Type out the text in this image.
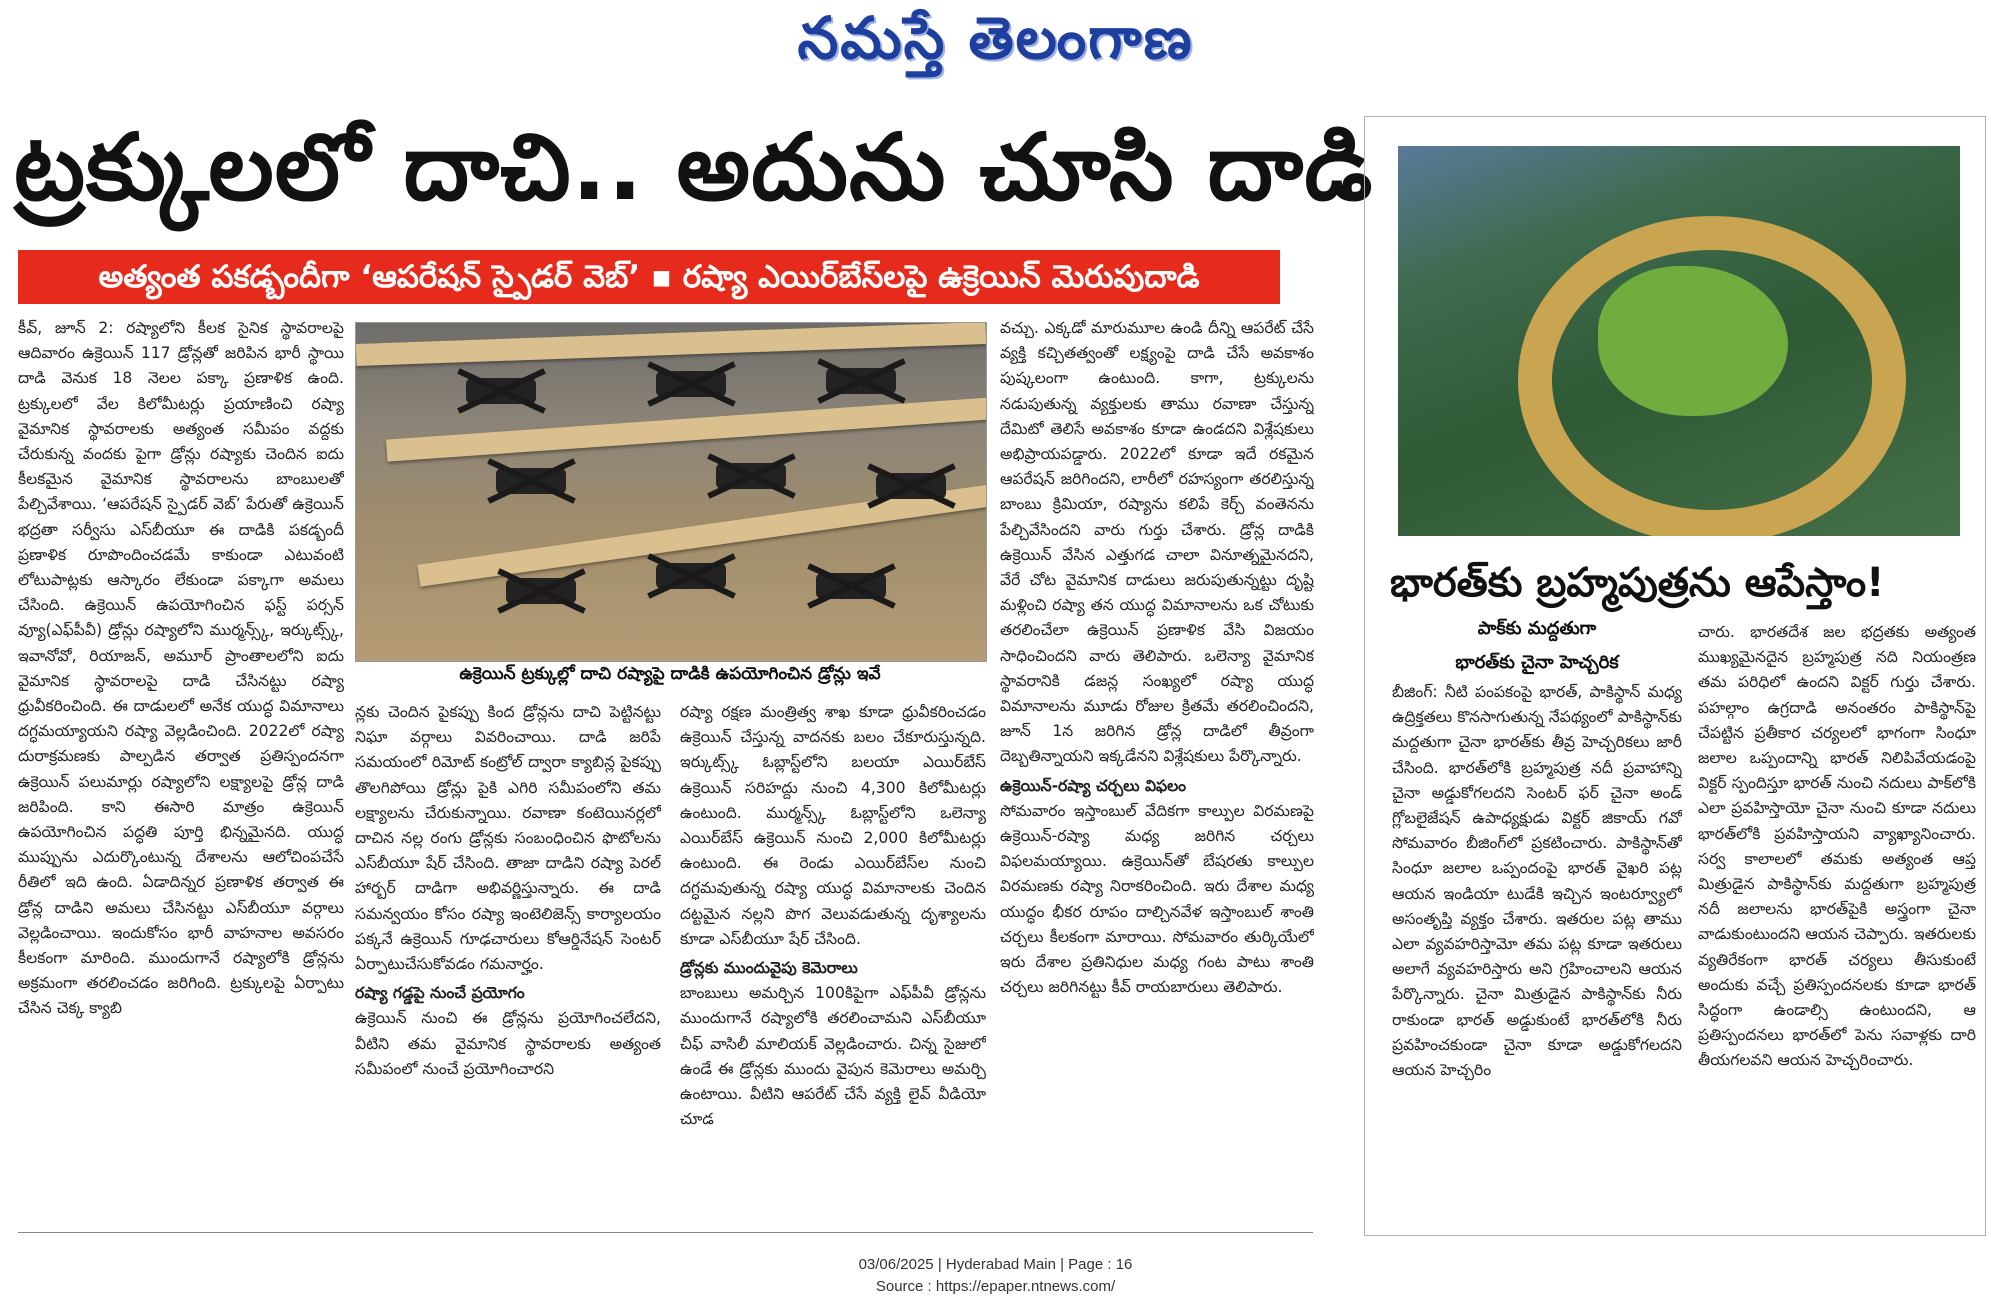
నమస్తే తెలంగాణ
ట్రక్కులలో దాచి.. అదును చూసి దాడి
అత్యంత పకడ్బందీగా ‘ఆపరేషన్ స్పైడర్ వెబ్’ ▪ రష్యా ఎయిర్‌బేస్‌లపై ఉక్రెయిన్ మెరుపుదాడి

కీవ్, జూన్ 2: రష్యాలోని కీలక సైనిక స్థావరాలపై ఆదివారం ఉక్రెయిన్ 117 డ్రోన్లతో జరిపిన భారీ స్థాయి దాడి వెనుక 18 నెలల పక్కా ప్రణాళిక ఉంది. ట్రక్కులలో వేల కిలోమీటర్లు ప్రయాణించి రష్యా వైమానిక స్థావరాలకు అత్యంత సమీపం వద్దకు చేరుకున్న వందకు పైగా డ్రోన్లు రష్యాకు చెందిన ఐదు కీలకమైన వైమానిక స్థావరాలను బాంబులతో పేల్చివేశాయి. ‘ఆపరేషన్ స్పైడర్ వెబ్’ పేరుతో ఉక్రెయిన్ భద్రతా సర్వీసు ఎస్‌బీయూ ఈ దాడికి పకడ్బందీ ప్రణాళిక రూపొందించడమే కాకుండా ఎటువంటి లోటుపాట్లకు ఆస్కారం లేకుండా పక్కాగా అమలు చేసింది. ఉక్రెయిన్ ఉపయోగించిన ఫస్ట్ పర్సన్ వ్యూ(ఎఫ్‌పీవీ) డ్రోన్లు రష్యాలోని ముర్మన్స్క్, ఇర్కుట్స్క్, ఇవానోవో, రియాజన్, అమూర్ ప్రాంతాలలోని ఐదు వైమానిక స్థావరాలపై దాడి చేసినట్టు రష్యా ధ్రువీకరించింది. ఈ దాడులలో అనేక యుద్ధ విమానాలు దగ్ధమయ్యాయని రష్యా వెల్లడించింది. 2022లో రష్యా దురాక్రమణకు పాల్పడిన తర్వాత ప్రతిస్పందనగా ఉక్రెయిన్ పలుమార్లు రష్యాలోని లక్ష్యాలపై డ్రోన్ల దాడి జరిపింది. కాని ఈసారి మాత్రం ఉక్రెయిన్ ఉపయోగించిన పద్ధతి పూర్తి భిన్నమైనది. యుద్ధ ముప్పును ఎదుర్కొంటున్న దేశాలను ఆలోచింపచేసే రీతిలో ఇది ఉంది. ఏడాదిన్నర ప్రణాళిక తర్వాత ఈ డ్రోన్ల దాడిని అమలు చేసినట్టు ఎస్‌బీయూ వర్గాలు వెల్లడించాయి. ఇందుకోసం భారీ వాహనాల అవసరం కీలకంగా మారింది. ముందుగానే రష్యాలోకి డ్రోన్లను అక్రమంగా తరలించడం జరిగింది. ట్రక్కులపై ఏర్పాటు చేసిన చెక్క క్యాబి

ఉక్రెయిన్ ట్రక్కుల్లో దాచి రష్యాపై దాడికి ఉపయోగించిన డ్రోన్లు ఇవే

న్లకు చెందిన పైకప్పు కింద డ్రోన్లను దాచి పెట్టినట్టు నిఘా వర్గాలు వివరించాయి. దాడి జరిపే సమయంలో రిమోట్ కంట్రోల్ ద్వారా క్యాబిన్ల పైకప్పు తొలగిపోయి డ్రోన్లు పైకి ఎగిరి సమీపంలోని తమ లక్ష్యాలను చేరుకున్నాయి. రవాణా కంటెయినర్లలో దాచిన నల్ల రంగు డ్రోన్లకు సంబంధించిన ఫొటోలను ఎస్‌బీయూ షేర్ చేసింది. తాజా దాడిని రష్యా పెరల్ హార్బర్ దాడిగా అభివర్ణిస్తున్నారు. ఈ దాడి సమన్వయం కోసం రష్యా ఇంటెలిజెన్స్ కార్యాలయం పక్కనే ఉక్రెయిన్ గూఢచారులు కోఆర్డినేషన్ సెంటర్ ఏర్పాటుచేసుకోవడం గమనార్హం.

రష్యా గడ్డపై నుంచే ప్రయోగం

ఉక్రెయిన్ నుంచి ఈ డ్రోన్లను ప్రయోగించలేదని, వీటిని తమ వైమానిక స్థావరాలకు అత్యంత సమీపంలో నుంచే ప్రయోగించారని

రష్యా రక్షణ మంత్రిత్వ శాఖ కూడా ధ్రువీకరించడం ఉక్రెయిన్ చేస్తున్న వాదనకు బలం చేకూరుస్తున్నది. ఇర్కుట్స్క్ ఓబ్లాస్ట్‌లోని బలయా ఎయిర్‌బేస్ ఉక్రెయిన్ సరిహద్దు నుంచి 4,300 కిలోమీటర్లు ఉంటుంది. ముర్మన్స్క్ ఓబ్లాస్ట్‌లోని ఒలెన్యా ఎయిర్‌బేస్ ఉక్రెయిన్ నుంచి 2,000 కిలోమీటర్లు ఉంటుంది. ఈ రెండు ఎయిర్‌బేస్‌ల నుంచి దగ్ధమవుతున్న రష్యా యుద్ధ విమానాలకు చెందిన దట్టమైన నల్లని పొగ వెలువడుతున్న దృశ్యాలను కూడా ఎస్‌బీయూ షేర్ చేసింది.

డ్రోన్లకు ముందువైపు కెమెరాలు

బాంబులు అమర్చిన 100కిపైగా ఎఫ్‌పీవీ డ్రోన్లను ముందుగానే రష్యాలోకి తరలించామని ఎస్‌బీయూ చీఫ్ వాసిలీ మాలియక్ వెల్లడించారు. చిన్న సైజులో ఉండే ఈ డ్రోన్లకు ముందు వైపున కెమెరాలు అమర్చి ఉంటాయి. వీటిని ఆపరేట్ చేసే వ్యక్తి లైవ్ వీడియో చూడ

వచ్చు. ఎక్కడో మారుమూల ఉండి దీన్ని ఆపరేట్ చేసే వ్యక్తి కచ్చితత్వంతో లక్ష్యంపై దాడి చేసే అవకాశం పుష్కలంగా ఉంటుంది. కాగా, ట్రక్కులను నడుపుతున్న వ్యక్తులకు తాము రవాణా చేస్తున్న దేమిటో తెలిసే అవకాశం కూడా ఉండదని విశ్లేషకులు అభిప్రాయపడ్డారు. 2022లో కూడా ఇదే రకమైన ఆపరేషన్ జరిగిందని, లారీలో రహస్యంగా తరలిస్తున్న బాంబు క్రిమియా, రష్యాను కలిపే కెర్చ్ వంతెనను పేల్చివేసిందని వారు గుర్తు చేశారు. డ్రోన్ల దాడికి ఉక్రెయిన్ వేసిన ఎత్తుగడ చాలా వినూత్నమైనదని, వేరే చోట వైమానిక దాడులు జరుపుతున్నట్టు దృష్టి మళ్లించి రష్యా తన యుద్ధ విమానాలను ఒక చోటుకు తరలించేలా ఉక్రెయిన్ ప్రణాళిక వేసి విజయం సాధించిందని వారు తెలిపారు. ఒలెన్యా వైమానిక స్థావరానికి డజన్ల సంఖ్యలో రష్యా యుద్ధ విమానాలను మూడు రోజుల క్రితమే తరలించిందని, జూన్ 1న జరిగిన డ్రోన్ల దాడిలో తీవ్రంగా దెబ్బతిన్నాయని ఇక్కడేనని విశ్లేషకులు పేర్కొన్నారు.

ఉక్రెయిన్-రష్యా చర్చలు విఫలం

సోమవారం ఇస్తాంబుల్ వేదికగా కాల్పుల విరమణపై ఉక్రెయిన్-రష్యా మధ్య జరిగిన చర్చలు విఫలమయ్యాయి. ఉక్రెయిన్‌తో బేషరతు కాల్పుల విరమణకు రష్యా నిరాకరించింది. ఇరు దేశాల మధ్య యుద్ధం భీకర రూపం దాల్చినవేళ ఇస్తాంబుల్ శాంతి చర్చలు కీలకంగా మారాయి. సోమవారం తుర్కియేలో ఇరు దేశాల ప్రతినిధుల మధ్య గంట పాటు శాంతి చర్చలు జరిగినట్టు కీవ్ రాయబారులు తెలిపారు.

భారత్‌కు బ్రహ్మపుత్రను ఆపేస్తాం!
పాక్‌కు మద్దతుగా
భారత్‌కు చైనా హెచ్చరిక

బీజింగ్: నీటి పంపకంపై భారత్, పాకిస్థాన్ మధ్య ఉద్రిక్తతలు కొనసాగుతున్న నేపథ్యంలో పాకిస్థాన్‌కు మద్దతుగా చైనా భారత్‌కు తీవ్ర హెచ్చరికలు జారీ చేసింది. భారత్‌లోకి బ్రహ్మపుత్ర నదీ ప్రవాహాన్ని చైనా అడ్డుకోగలదని సెంటర్ ఫర్ చైనా అండ్ గ్లోబలైజేషన్ ఉపాధ్యక్షుడు విక్టర్ జికాయ్ గవో సోమవారం బీజింగ్‌లో ప్రకటించారు. పాకిస్థాన్‌తో సింధూ జలాల ఒప్పందంపై భారత్ వైఖరి పట్ల ఆయన ఇండియా టుడేకి ఇచ్చిన ఇంటర్వ్యూలో అసంతృప్తి వ్యక్తం చేశారు. ఇతరుల పట్ల తాము ఎలా వ్యవహరిస్తామో తమ పట్ల కూడా ఇతరులు అలాగే వ్యవహరిస్తారు అని గ్రహించాలని ఆయన పేర్కొన్నారు. చైనా మిత్రుడైన పాకిస్థాన్‌కు నీరు రాకుండా భారత్ అడ్డుకుంటే భారత్‌లోకి నీరు ప్రవహించకుండా చైనా కూడా అడ్డుకోగలదని ఆయన హెచ్చరిం

చారు. భారతదేశ జల భద్రతకు అత్యంత ముఖ్యమైనదైన బ్రహ్మపుత్ర నది నియంత్రణ తమ పరిధిలో ఉందని విక్టర్ గుర్తు చేశారు. పహల్గాం ఉగ్రదాడి అనంతరం పాకిస్థాన్‌పై చేపట్టిన ప్రతీకార చర్యలలో భాగంగా సింధూ జలాల ఒప్పందాన్ని భారత్ నిలిపివేయడంపై విక్టర్ స్పందిస్తూ భారత్ నుంచి నదులు పాక్‌లోకి ఎలా ప్రవహిస్తాయో చైనా నుంచి కూడా నదులు భారత్‌లోకి ప్రవహిస్తాయని వ్యాఖ్యానించారు. సర్వ కాలాలలో తమకు అత్యంత ఆప్త మిత్రుడైన పాకిస్థాన్‌కు మద్దతుగా బ్రహ్మపుత్ర నదీ జలాలను భారత్‌పైకి అస్త్రంగా చైనా వాడుకుంటుందని ఆయన చెప్పారు. ఇతరులకు వ్యతిరేకంగా భారత్ చర్యలు తీసుకుంటే అందుకు వచ్చే ప్రతిస్పందనలకు కూడా భారత్ సిద్ధంగా ఉండాల్సి ఉంటుందని, ఆ ప్రతిస్పందనలు భారత్‌లో పెను సవాళ్లకు దారి తీయగలవని ఆయన హెచ్చరించారు.

03/06/2025 | Hyderabad Main | Page : 16
Source : https://epaper.ntnews.com/
